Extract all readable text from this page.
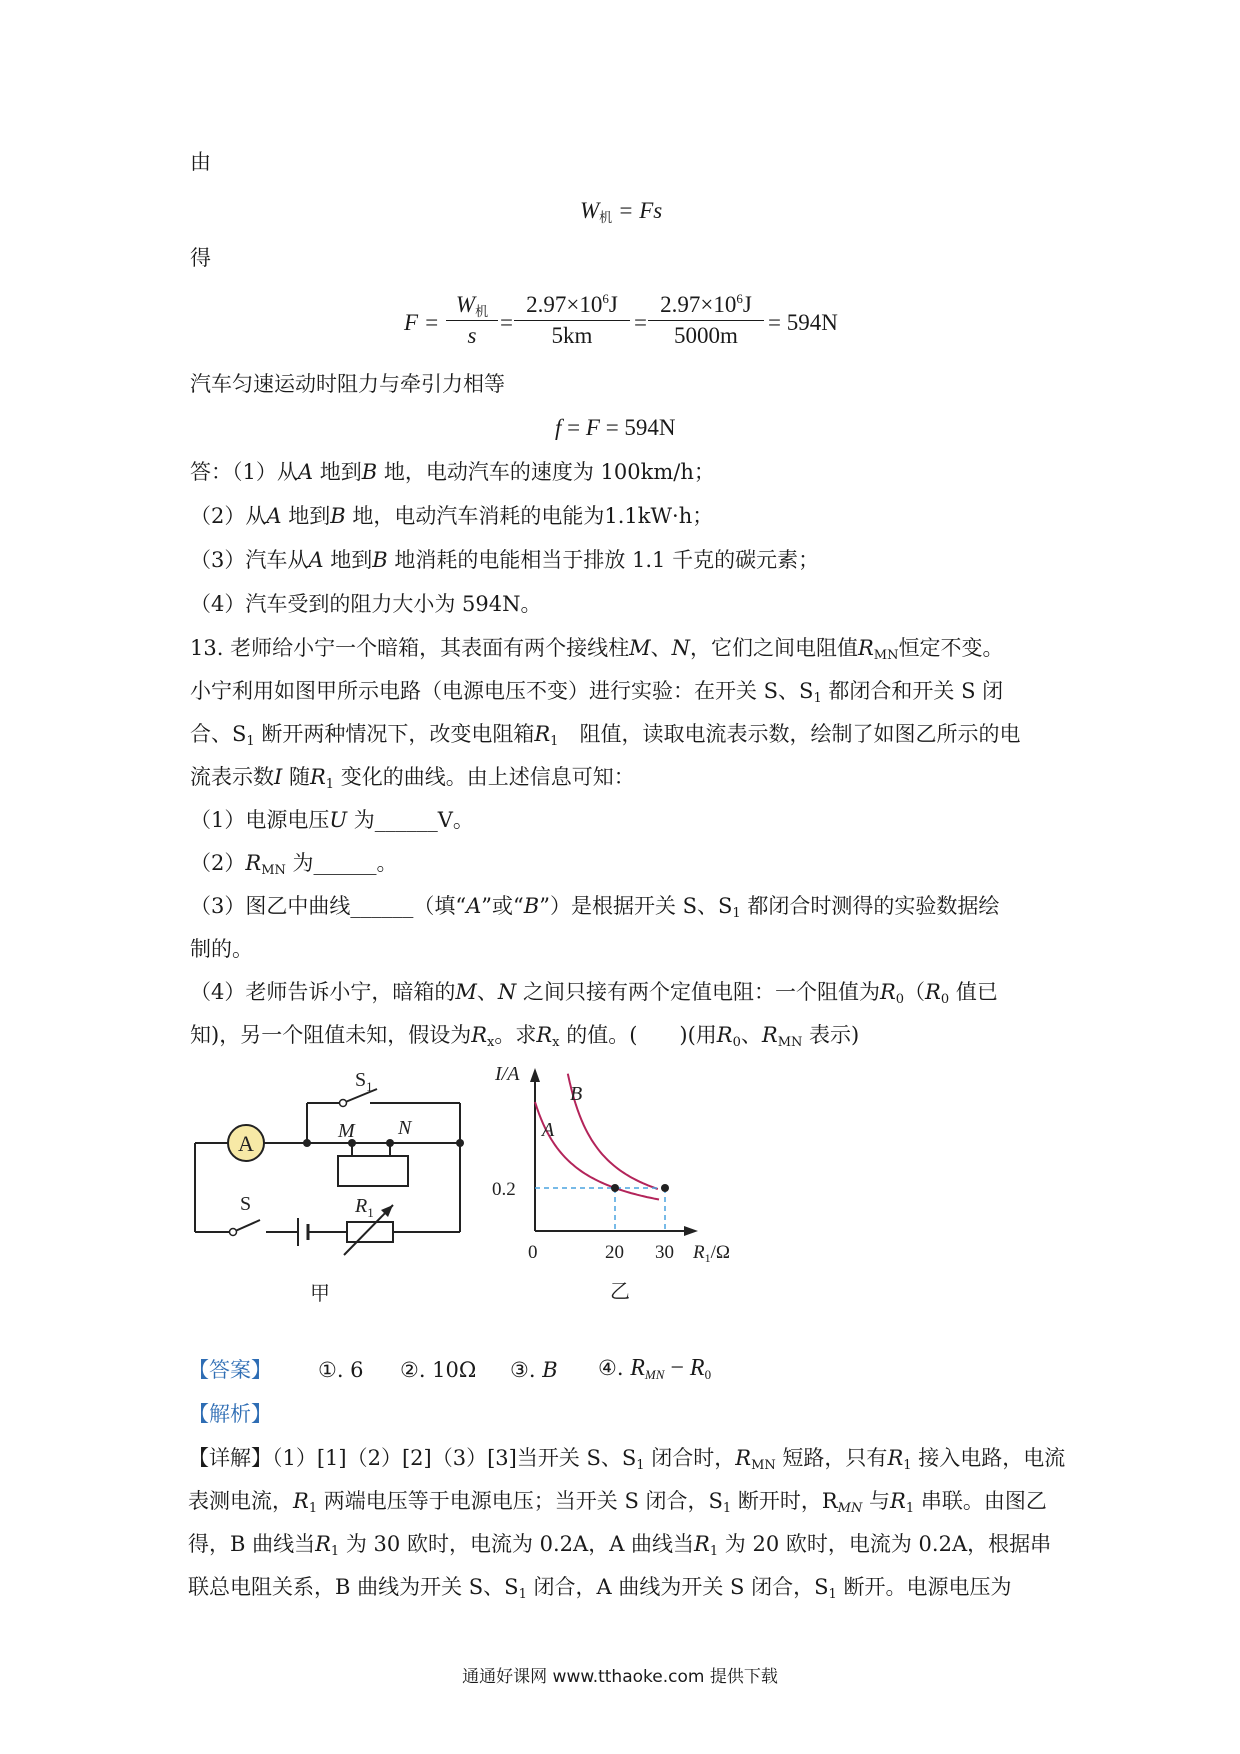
由
$W_机 = Fs$
得
F =
$W_机$
s
= $\frac{2.97\times 10^6J}{5km} = \frac{2.97\times 10^6J}{5000m} = 594N$
汽车匀速运动时阻力与牵引力相等
f = F = 594N
答：（1）从A 地到B 地，电动汽车的速度为 100km/h；
（2）从A 地到B 地，电动汽车消耗的电能为1.1kW·h；
（3）汽车从A 地到B 地消耗的电能相当于排放 1.1 千克的碳元素；
（4）汽车受到的阻力大小为 594N。
13. 老师给小宁一个暗箱，其表面有两个接线柱M、N，它们之间电阻值$R_{MN}$恒定不变。
小宁利用如图甲所示电路（电源电压不变）进行实验：在开关 S、$S_1$ 都闭合和开关 S 闭
合、$S_1$ 断开两种情况下，改变电阻箱$R_1$　阻值，读取电流表示数，绘制了如图乙所示的电
流表示数I 随$R_1$ 变化的曲线。由上述信息可知：
（1）电源电压U 为______V。
$(2)R_{MN}$ 为______。
（3）图乙中曲线______（填“A”或“B”）是根据开关 S、$S_1$ 都闭合时测得的实验数据绘
制的。
（4）老师告诉小宁，暗箱的M、N 之间只接有两个定值电阻：一个阻值为$R_0(R_0$ 值已
知)，另一个阻值未知，假设为$R_x$。求$R_x$ 的值。(　　)(用$R_0$、$R_{MN}$ 表示)
A
$S_1$
M N
S	$R_1$
甲
I/A
B
A
0.2
0	20 30 $R_1/\Omega$
乙
【答案】 ①. 6 ②. 10Ω ③. B ④. $R_{MN} - R_0$
【解析】
【详解】（1）[1]（2）[2]（3）[3]当开关 S、$S_1$ 闭合时，$R_{MN}$ 短路，只有$R_1$ 接入电路，电流
表测电流，$R_1$ 两端电压等于电源电压；当开关 S 闭合，$S_1$ 断开时，$R_{MN}$ 与$R_1$ 串联。由图乙
得，B 曲线当$R_1$ 为 30 欧时，电流为 0.2A，A 曲线当$R_1$ 为 20 欧时，电流为 0.2A，根据串
联总电阻关系，B 曲线为开关 S、$S_1$ 闭合，A 曲线为开关 S 闭合，$S_1$ 断开。电源电压为
通通好课网 www.tthaoke.com 提供下载
